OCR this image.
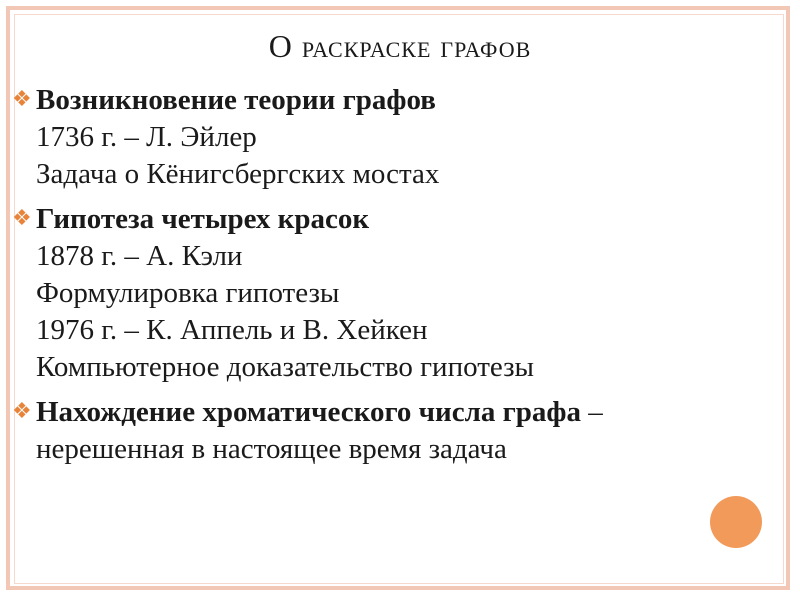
О раскраске графов
❖ Возникновение теории графов
1736 г. – Л. Эйлер
Задача о Кёнигсбергских мостах
❖ Гипотеза четырех красок
1878 г. – А. Кэли
Формулировка гипотезы
1976 г. – К. Аппель и В. Хейкен
Компьютерное доказательство гипотезы
❖ Нахождение хроматического числа графа –
нерешенная в настоящее время задача
